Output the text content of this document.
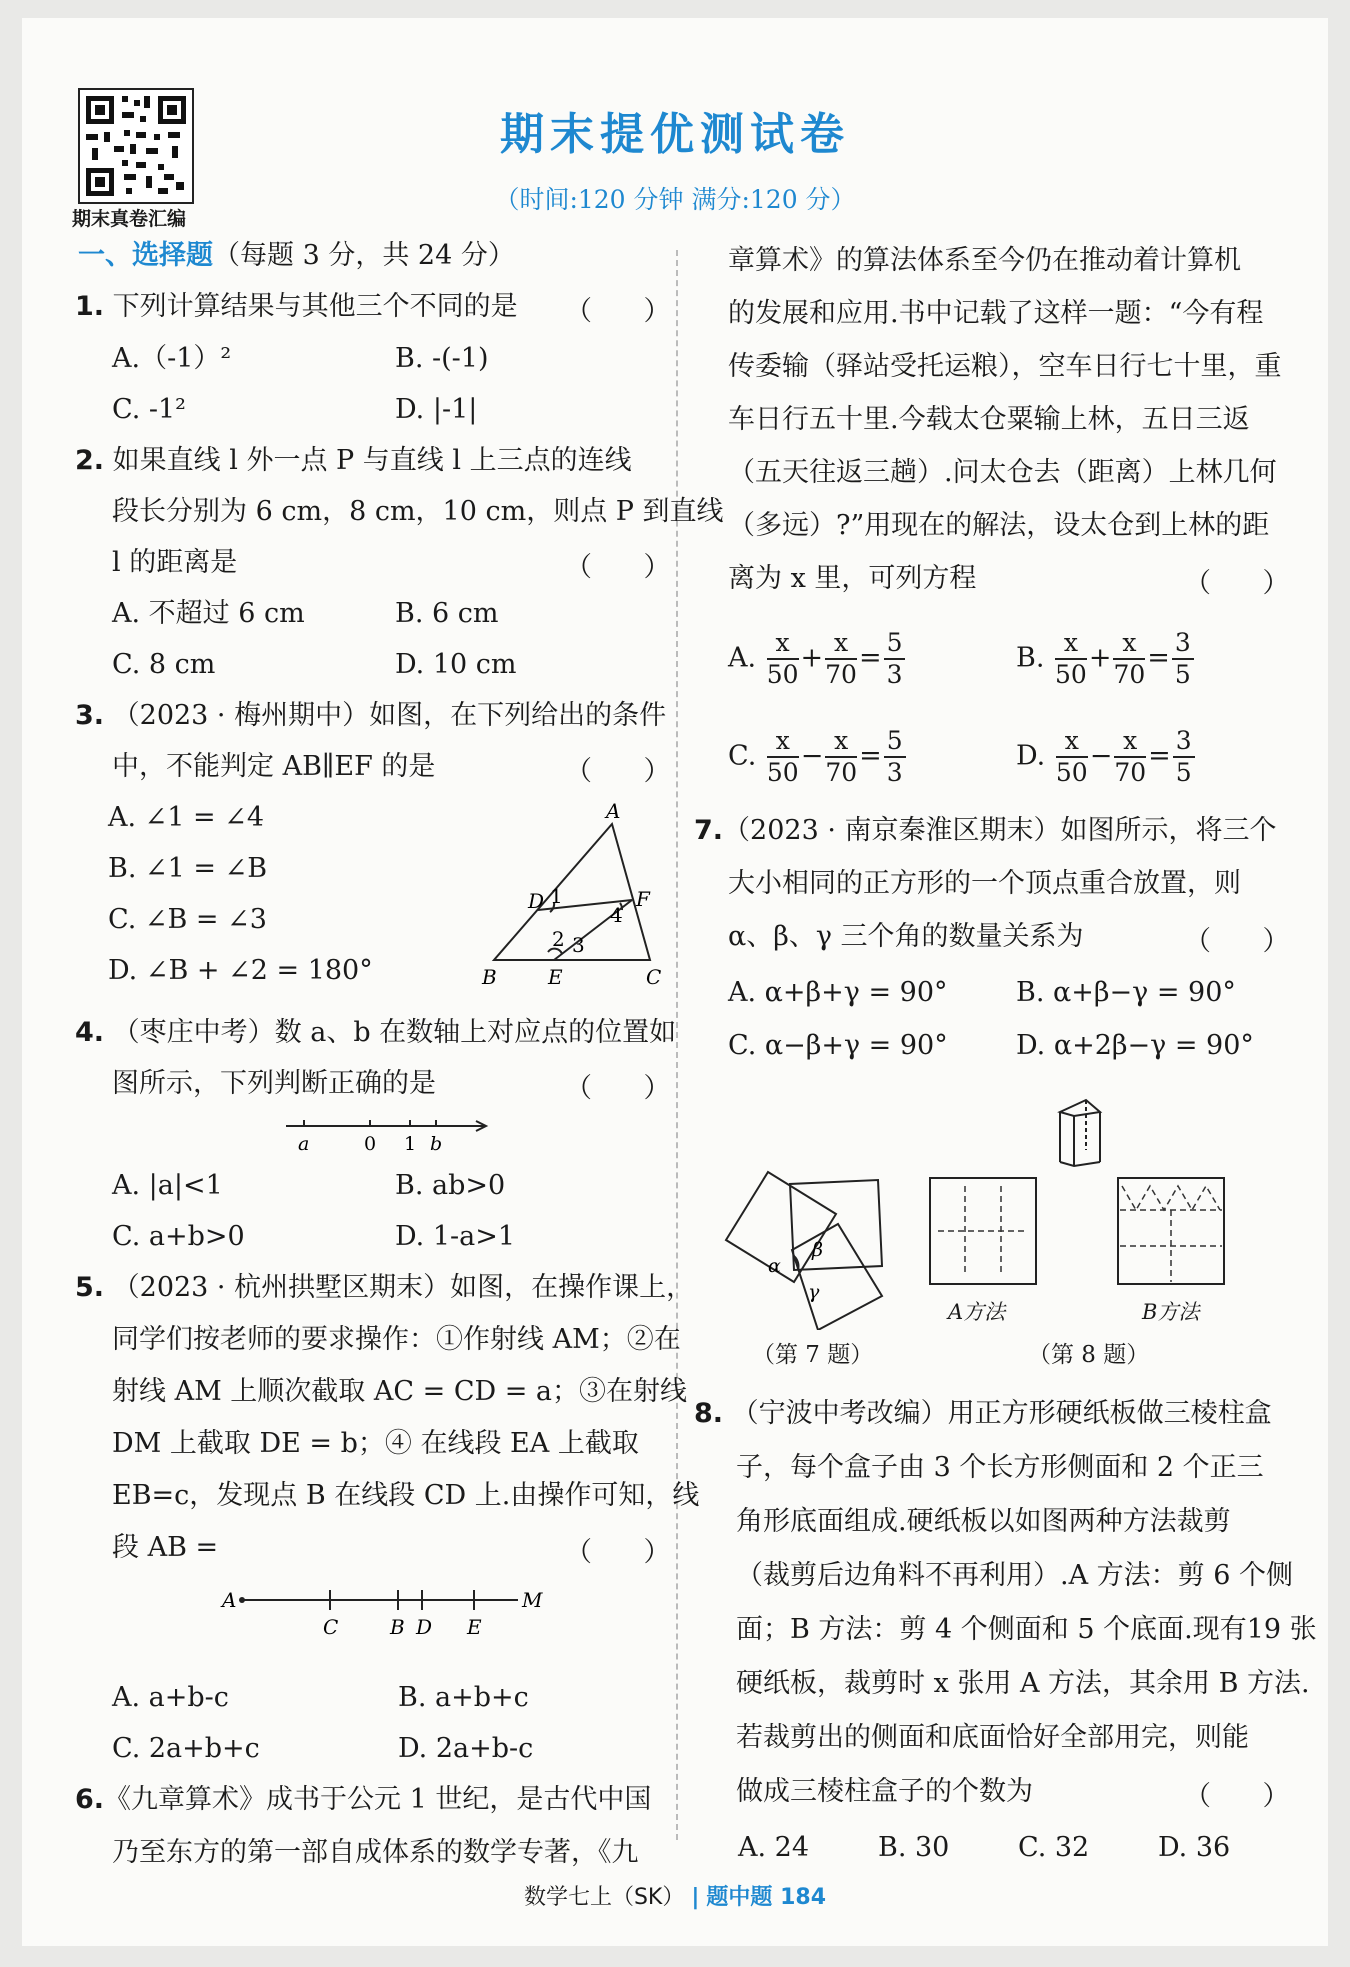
期末真卷汇编
期末提优测试卷
（时间:120 分钟 满分:120 分）
一、选择题（每题 3 分，共 24 分）
1. 下列计算结果与其他三个不同的是 （      ）
A.（-1）²	B. -(-1)
C. -1²	D. |-1|
2. 如果直线 l 外一点 P 与直线 l 上三点的连线
段长分别为 6 cm，8 cm，10 cm，则点 P 到直线
l 的距离是	（      ）
A. 不超过 6 cm	B. 6 cm
C. 8 cm	D. 10 cm
3. （2023 · 梅州期中）如图，在下列给出的条件
中，不能判定 AB∥EF 的是	（      ）
A. ∠1 = ∠4
B. ∠1 = ∠B
C. ∠B = ∠3
D. ∠B + ∠2 = 180°
A
D 1	F
4
2 3
B	E	C
4. （枣庄中考）数 a、b 在数轴上对应点的位置如
图所示，下列判断正确的是	（      ）
a	0 1 b
A. |a|<1	B. ab>0
C. a+b>0	D. 1-a>1
5. （2023 · 杭州拱墅区期末）如图，在操作课上，
同学们按老师的要求操作：①作射线 AM；②在
射线 AM 上顺次截取 AC = CD = a；③在射线
DM 上截取 DE = b；④ 在线段 EA 上截取
EB=c，发现点 B 在线段 CD 上.由操作可知，线
段 AB =	（      ）
A	M
C	B D E
A. a+b-c	B. a+b+c
C. 2a+b+c	D. 2a+b-c
6.《九章算术》成书于公元 1 世纪，是古代中国
乃至东方的第一部自成体系的数学专著，《九
章算术》的算法体系至今仍在推动着计算机
的发展和应用.书中记载了这样一题：“今有程
传委输（驿站受托运粮），空车日行七十里，重
车日行五十里.今载太仓粟输上林，五日三返
（五天往返三趟）.问太仓去（距离）上林几何
（多远）?”用现在的解法，设太仓到上林的距
离为 x 里，可列方程	（      ）
A. $\frac{x}{50} + \frac{x}{70} = \frac{5}{3}$	B. $\frac{x}{50} + \frac{x}{70} = \frac{3}{5}$
C. $\frac{x}{50} - \frac{x}{70} = \frac{5}{3}$	D. $\frac{x}{50} - \frac{x}{70} = \frac{3}{5}$
7.（2023 · 南京秦淮区期末）如图所示，将三个
大小相同的正方形的一个顶点重合放置，则
α、β、γ 三个角的数量关系为	（      ）
A. α+β+γ = 90°	B. α+β−γ = 90°
C. α−β+γ = 90°	D. α+2β−γ = 90°
α
β
γ
（第 7 题）
A方法	B方法
（第 8 题）
8. （宁波中考改编）用正方形硬纸板做三棱柱盒
子，每个盒子由 3 个长方形侧面和 2 个正三
角形底面组成.硬纸板以如图两种方法裁剪
（裁剪后边角料不再利用）.A 方法：剪 6 个侧
面；B 方法：剪 4 个侧面和 5 个底面.现有19 张
硬纸板，裁剪时 x 张用 A 方法，其余用 B 方法.
若裁剪出的侧面和底面恰好全部用完，则能
做成三棱柱盒子的个数为	（      ）
A. 24	B. 30	C. 32	D. 36
数学七上（SK） | 题中题 184
